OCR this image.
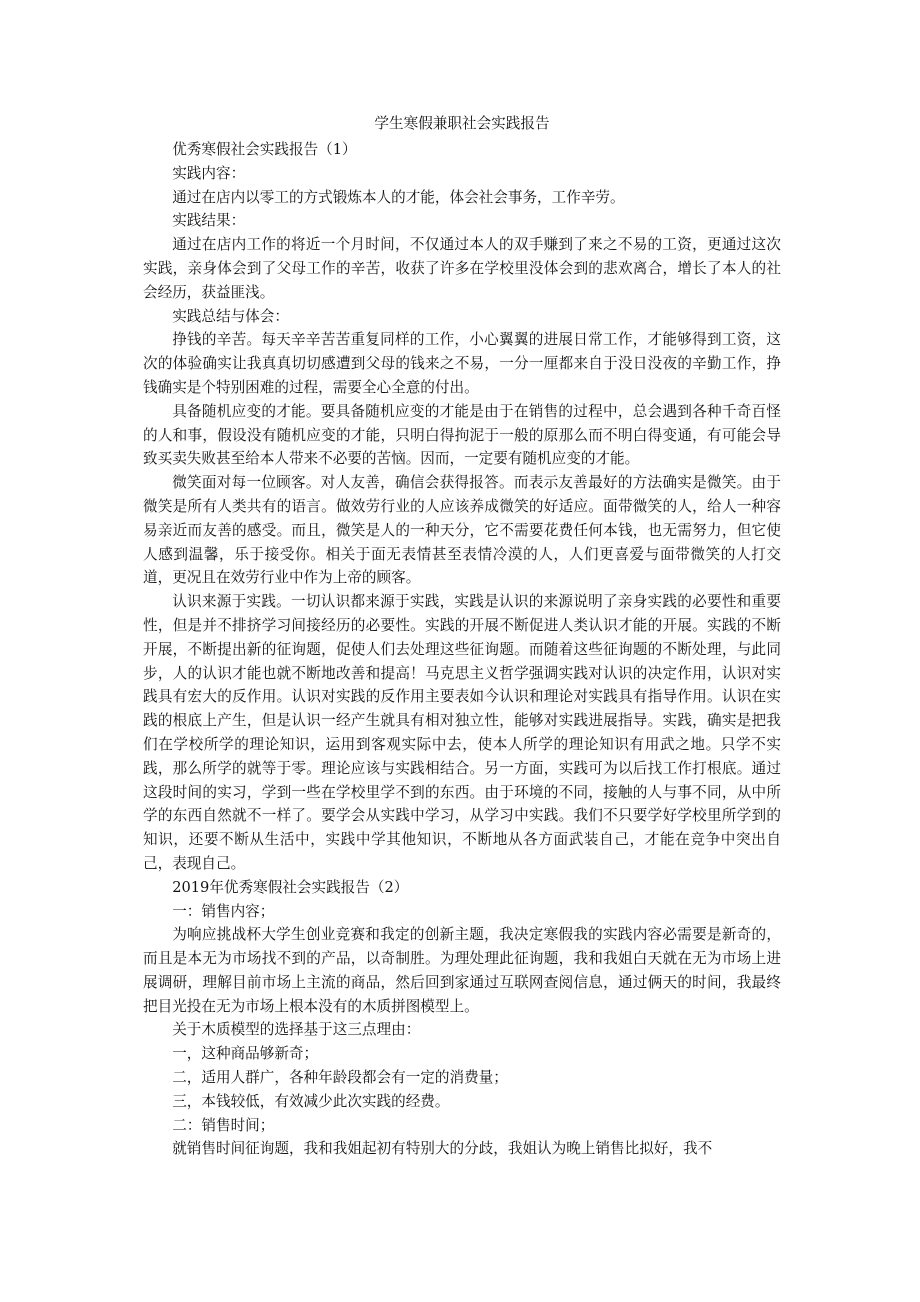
学生寒假兼职社会实践报告

优秀寒假社会实践报告（1）

实践内容：

通过在店内以零工的方式锻炼本人的才能，体会社会事务，工作辛劳。

实践结果：

通过在店内工作的将近一个月时间，不仅通过本人的双手赚到了来之不易的工资，更通过这次实践，亲身体会到了父母工作的辛苦，收获了许多在学校里没体会到的悲欢离合，增长了本人的社会经历，获益匪浅。

实践总结与体会：

挣钱的辛苦。每天辛辛苦苦重复同样的工作，小心翼翼的进展日常工作，才能够得到工资，这次的体验确实让我真真切切感遭到父母的钱来之不易，一分一厘都来自于没日没夜的辛勤工作，挣钱确实是个特别困难的过程，需要全心全意的付出。

具备随机应变的才能。要具备随机应变的才能是由于在销售的过程中，总会遇到各种千奇百怪的人和事，假设没有随机应变的才能，只明白得拘泥于一般的原那么而不明白得变通，有可能会导致买卖失败甚至给本人带来不必要的苦恼。因而，一定要有随机应变的才能。

微笑面对每一位顾客。对人友善，确信会获得报答。而表示友善最好的方法确实是微笑。由于微笑是所有人类共有的语言。做效劳行业的人应该养成微笑的好适应。面带微笑的人，给人一种容易亲近而友善的感受。而且，微笑是人的一种天分，它不需要花费任何本钱，也无需努力，但它使人感到温馨，乐于接受你。相关于面无表情甚至表情冷漠的人，人们更喜爱与面带微笑的人打交道，更况且在效劳行业中作为上帝的顾客。

认识来源于实践。一切认识都来源于实践，实践是认识的来源说明了亲身实践的必要性和重要性，但是并不排挤学习间接经历的必要性。实践的开展不断促进人类认识才能的开展。实践的不断开展，不断提出新的征询题，促使人们去处理这些征询题。而随着这些征询题的不断处理，与此同步，人的认识才能也就不断地改善和提高！马克思主义哲学强调实践对认识的决定作用，认识对实践具有宏大的反作用。认识对实践的反作用主要表如今认识和理论对实践具有指导作用。认识在实践的根底上产生，但是认识一经产生就具有相对独立性，能够对实践进展指导。实践，确实是把我们在学校所学的理论知识，运用到客观实际中去，使本人所学的理论知识有用武之地。只学不实践，那么所学的就等于零。理论应该与实践相结合。另一方面，实践可为以后找工作打根底。通过这段时间的实习，学到一些在学校里学不到的东西。由于环境的不同，接触的人与事不同，从中所学的东西自然就不一样了。要学会从实践中学习，从学习中实践。我们不只要学好学校里所学到的知识，还要不断从生活中，实践中学其他知识，不断地从各方面武装自己，才能在竞争中突出自己，表现自己。

2019年优秀寒假社会实践报告（2）

一：销售内容；

为响应挑战杯大学生创业竞赛和我定的创新主题，我决定寒假我的实践内容必需要是新奇的，而且是本无为市场找不到的产品，以奇制胜。为理处理此征询题，我和我姐白天就在无为市场上进展调研，理解目前市场上主流的商品，然后回到家通过互联网查阅信息，通过俩天的时间，我最终把目光投在无为市场上根本没有的木质拼图模型上。

关于木质模型的选择基于这三点理由：

一，这种商品够新奇；

二，适用人群广，各种年龄段都会有一定的消费量；

三，本钱较低，有效减少此次实践的经费。

二：销售时间；

就销售时间征询题，我和我姐起初有特别大的分歧，我姐认为晚上销售比拟好，我不
